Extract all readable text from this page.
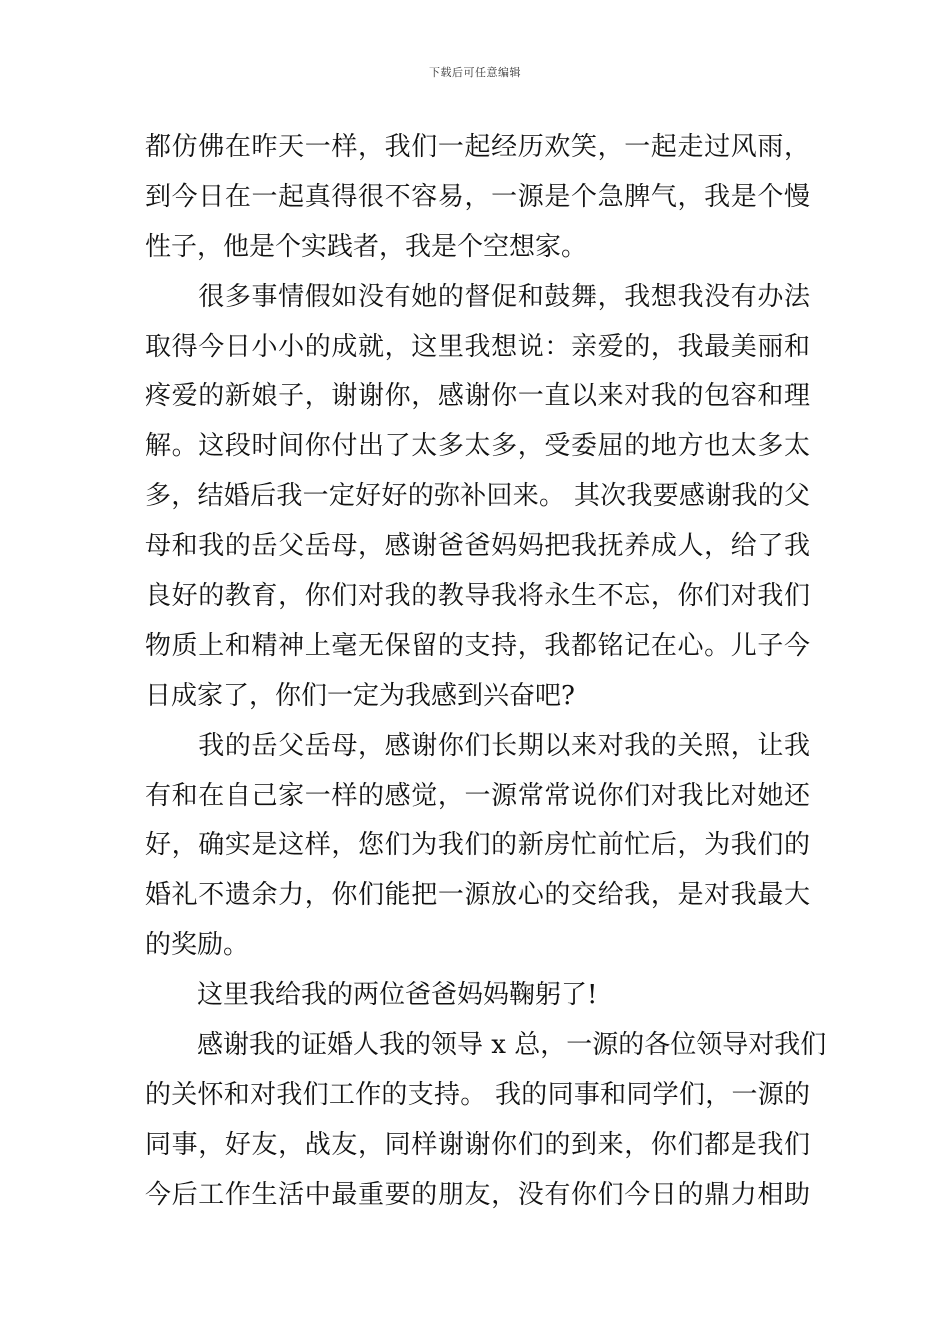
下载后可任意编辑
都仿佛在昨天一样，我们一起经历欢笑，一起走过风雨，
到今日在一起真得很不容易，一源是个急脾气，我是个慢
性子，他是个实践者，我是个空想家。
　　很多事情假如没有她的督促和鼓舞，我想我没有办法
取得今日小小的成就，这里我想说：亲爱的，我最美丽和
疼爱的新娘子，谢谢你，感谢你一直以来对我的包容和理
解。这段时间你付出了太多太多，受委屈的地方也太多太
多，结婚后我一定好好的弥补回来。 其次我要感谢我的父
母和我的岳父岳母，感谢爸爸妈妈把我抚养成人，给了我
良好的教育，你们对我的教导我将永生不忘，你们对我们
物质上和精神上毫无保留的支持，我都铭记在心。儿子今
日成家了，你们一定为我感到兴奋吧?
　　我的岳父岳母，感谢你们长期以来对我的关照，让我
有和在自己家一样的感觉，一源常常说你们对我比对她还
好，确实是这样，您们为我们的新房忙前忙后，为我们的
婚礼不遗余力，你们能把一源放心的交给我，是对我最大
的奖励。
　　这里我给我的两位爸爸妈妈鞠躬了!
　　感谢我的证婚人我的领导 x 总，一源的各位领导对我们
的关怀和对我们工作的支持。 我的同事和同学们，一源的
同事，好友，战友，同样谢谢你们的到来，你们都是我们
今后工作生活中最重要的朋友，没有你们今日的鼎力相助
